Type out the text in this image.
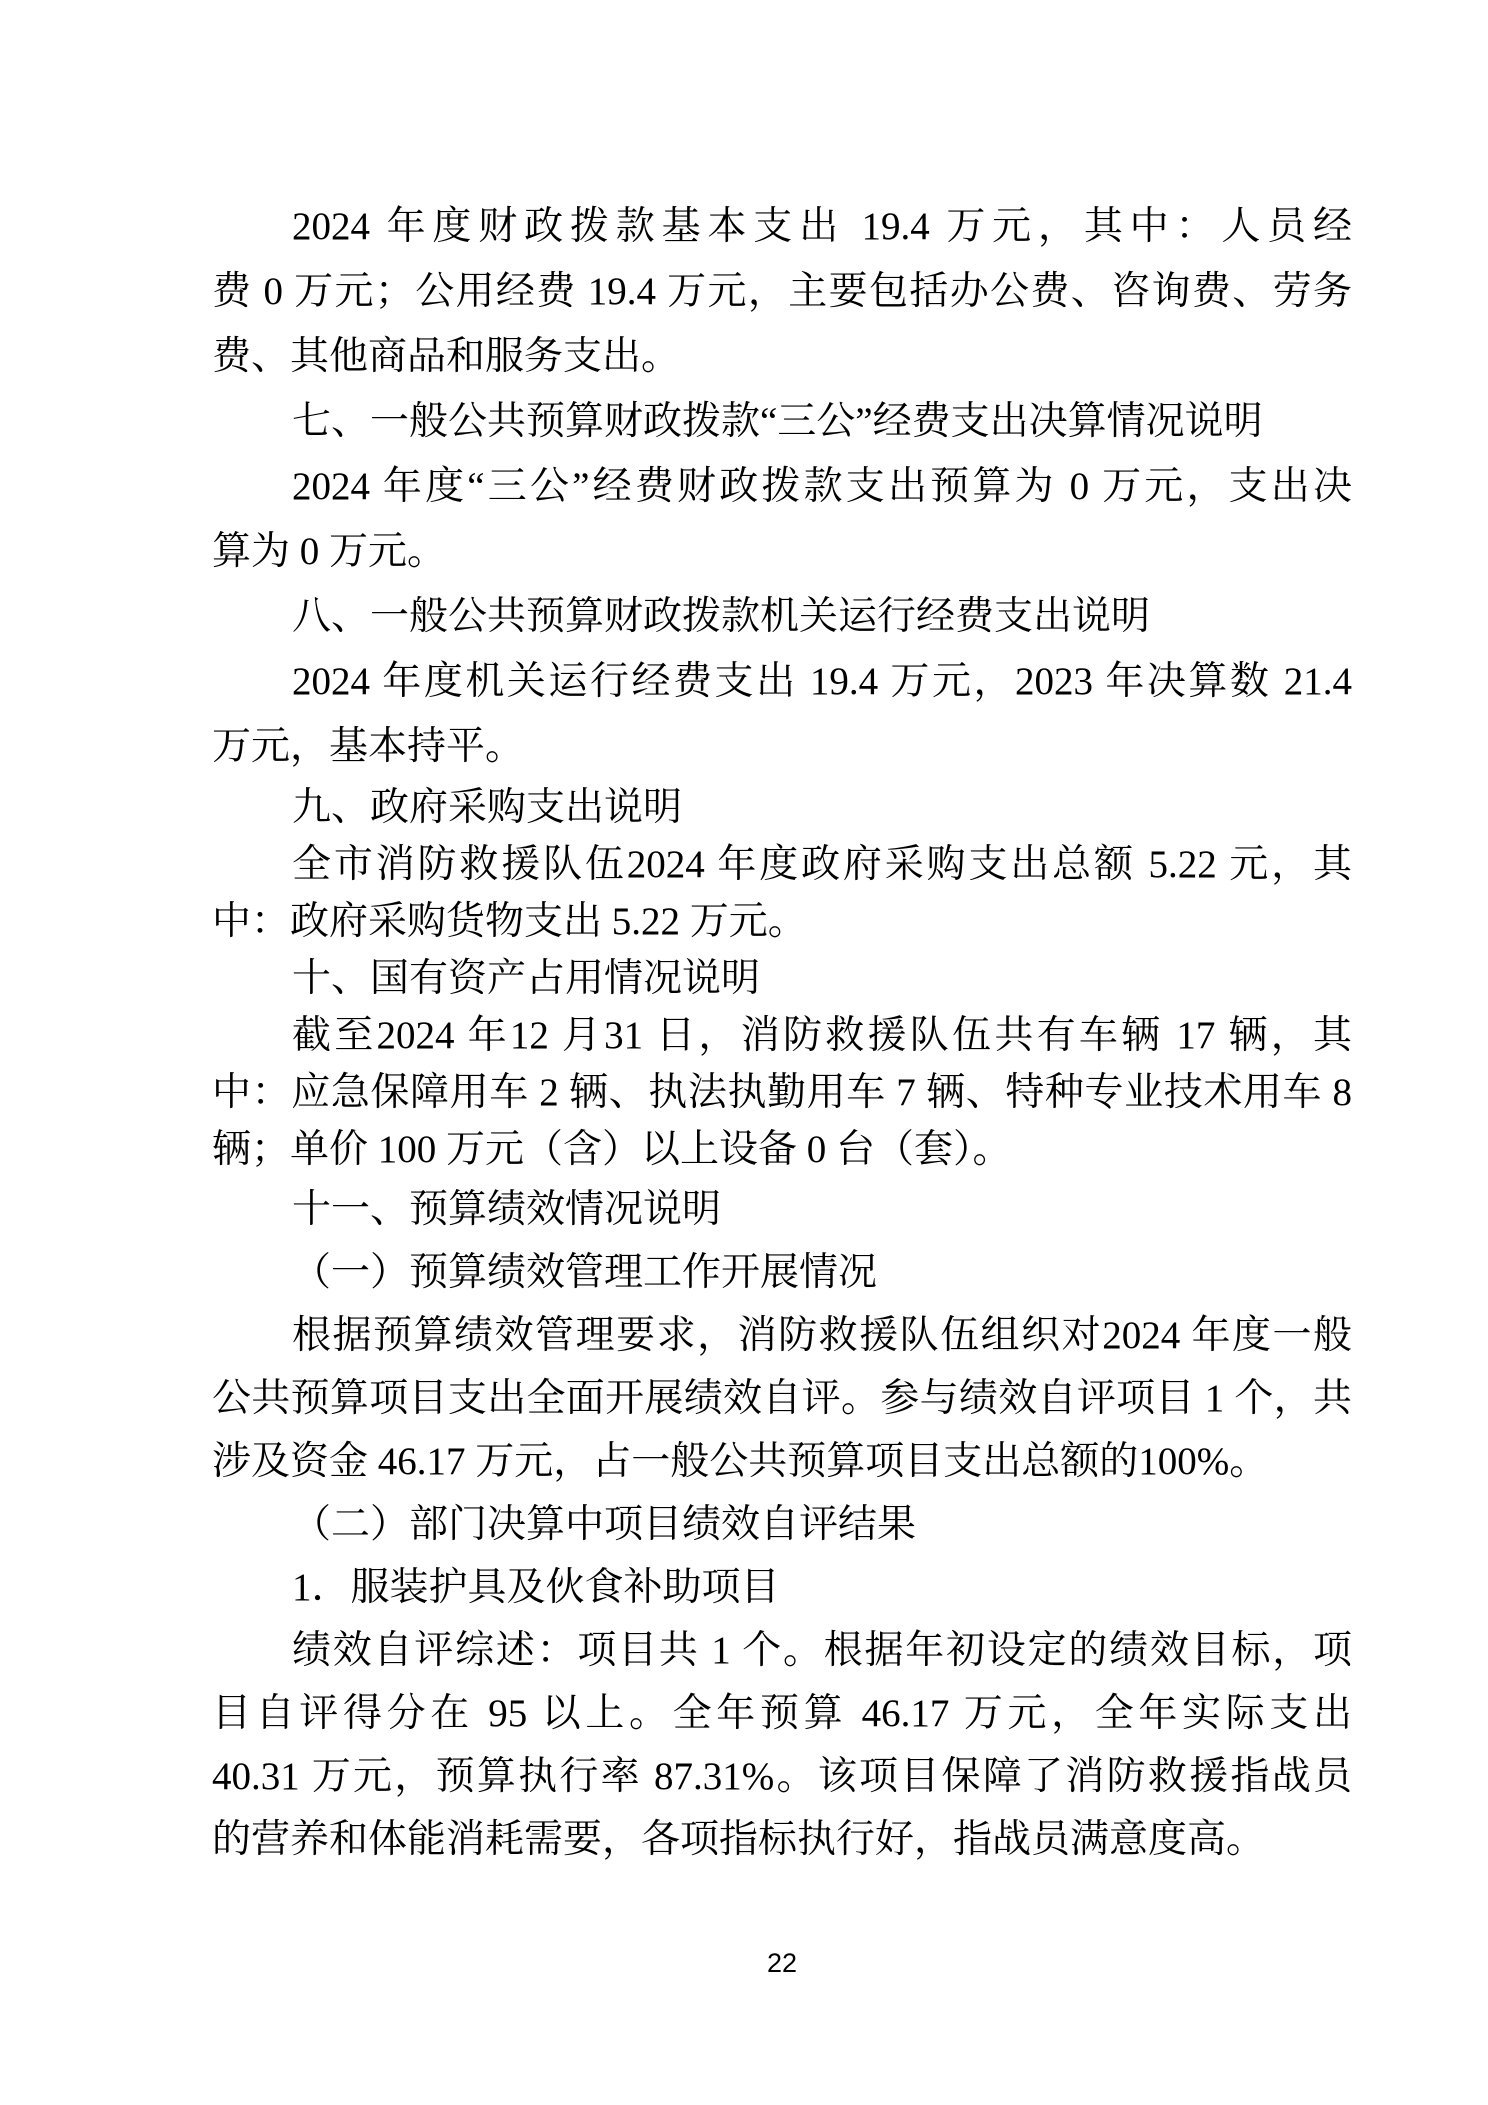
2024 年度财政拨款基本支出 19.4 万元，其中：人员经
费 0 万元；公用经费 19.4 万元，主要包括办公费、咨询费、劳务
费、其他商品和服务支出。
七、一般公共预算财政拨款“三公”经费支出决算情况说明
2024 年度“三公”经费财政拨款支出预算为 0 万元，支出决
算为 0 万元。
八、一般公共预算财政拨款机关运行经费支出说明
2024 年度机关运行经费支出 19.4 万元，2023 年决算数 21.4
万元，基本持平。
九、政府采购支出说明
全市消防救援队伍2024 年度政府采购支出总额 5.22 元，其
中：政府采购货物支出 5.22 万元。
十、国有资产占用情况说明
截至2024 年12 月31 日，消防救援队伍共有车辆 17 辆，其
中：应急保障用车 2 辆、执法执勤用车 7 辆、特种专业技术用车 8
辆；单价 100 万元（含）以上设备 0 台（套）。
十一、预算绩效情况说明
（一）预算绩效管理工作开展情况
根据预算绩效管理要求，消防救援队伍组织对2024 年度一般
公共预算项目支出全面开展绩效自评。参与绩效自评项目 1 个，共
涉及资金 46.17 万元，占一般公共预算项目支出总额的100%。
（二）部门决算中项目绩效自评结果
1．服装护具及伙食补助项目
绩效自评综述：项目共 1 个。根据年初设定的绩效目标，项
目自评得分在 95 以上。全年预算 46.17 万元，全年实际支出
40.31 万元，预算执行率 87.31%。该项目保障了消防救援指战员
的营养和体能消耗需要，各项指标执行好，指战员满意度高。
22
